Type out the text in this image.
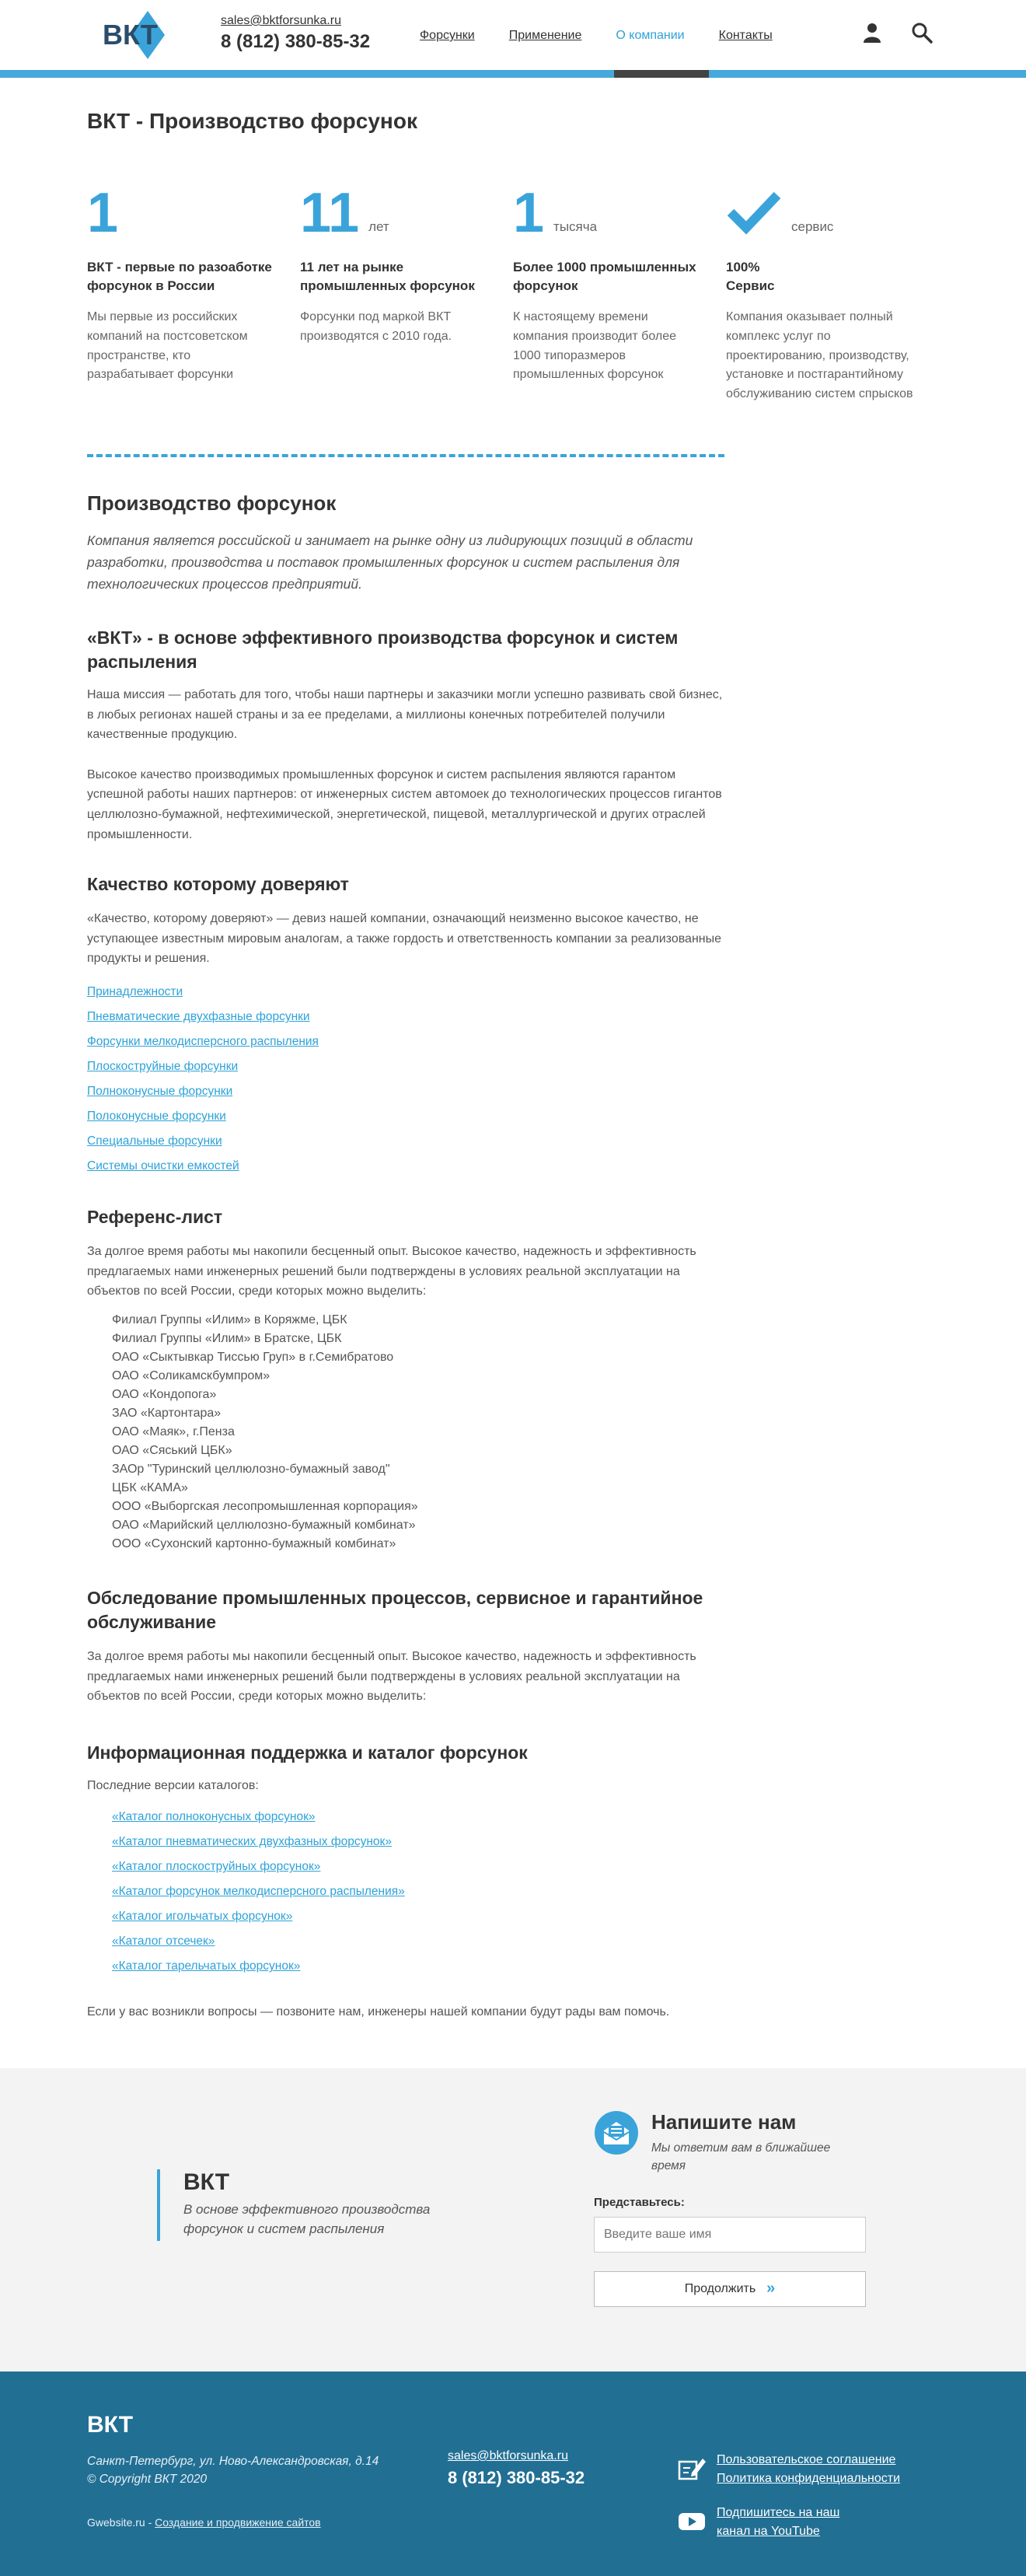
ВКТ	sales@bktforsunka.ru
8 (812) 380-85-32	Форсунки	Применение	О компании	Контакты
ВКТ - Производство форсунок
1
ВКТ - первые по разоаботке форсунок в России
Мы первые из российских компаний на постсоветском пространстве, кто разрабатывает форсунки
11 лет
11 лет на рынке промышленных форсунок
Форсунки под маркой ВКТ производятся с 2010 года.
1 тысяча
Более 1000 промышленных форсунок
К настоящему времени компания производит более 1000 типоразмеров промышленных форсунок
сервис
100%
Сервис
Компания оказывает полный комплекс услуг по проектированию, производству, установке и постгарантийному обслуживанию систем спрысков
Производство форсунок

Компания является российской и занимает на рынке одну из лидирующих позиций в области разработки, производства и поставок промышленных форсунок и систем распыления для технологических процессов предприятий.

«ВКТ» - в основе эффективного производства форсунок и систем распыления

Наша миссия — работать для того, чтобы наши партнеры и заказчики могли успешно развивать свой бизнес, в любых регионах нашей страны и за ее пределами, а миллионы конечных потребителей получили качественные продукцию.

Высокое качество производимых промышленных форсунок и систем распыления являются гарантом успешной работы наших партнеров: от инженерных систем автомоек до технологических процессов гигантов целлюлозно-бумажной, нефтехимической, энергетической, пищевой, металлургической и других отраслей промышленности.

Качество которому доверяют

«Качество, которому доверяют» — девиз нашей компании, означающий неизменно высокое качество, не уступающее известным мировым аналогам, а также гордость и ответственность компании за реализованные продукты и решения.

Принадлежности
Пневматические двухфазные форсунки
Форсунки мелкодисперсного распыления
Плоскоструйные форсунки
Полноконусные форсунки
Полоконусные форсунки
Специальные форсунки
Системы очистки емкостей
Референс-лист

За долгое время работы мы накопили бесценный опыт. Высокое качество, надежность и эффективность предлагаемых нами инженерных решений были подтверждены в условиях реальной эксплуатации на объектов по всей России, среди которых можно выделить:

Филиал Группы «Илим» в Коряжме, ЦБК
Филиал Группы «Илим» в Братске, ЦБК
ОАО «Сыктывкар Тиссью Груп» в г.Семибратово
ОАО «Соликамскбумпром»
ОАО «Кондопога»
ЗАО «Картонтара»
ОАО «Маяк», г.Пенза
ОАО «Сяський ЦБК»
ЗАОр "Туринский целлюлозно-бумажный завод"
ЦБК «КАМА»
ООО «Выборгская лесопромышленная корпорация»
ОАО «Марийский целлюлозно-бумажный комбинат»
ООО «Сухонский картонно-бумажный комбинат»
Обследование промышленных процессов, сервисное и гарантийное обслуживание

За долгое время работы мы накопили бесценный опыт. Высокое качество, надежность и эффективность предлагаемых нами инженерных решений были подтверждены в условиях реальной эксплуатации на объектов по всей России, среди которых можно выделить:

Информационная поддержка и каталог форсунок

Последние версии каталогов:

«Каталог полноконусных форсунок»
«Каталог пневматических двухфазных форсунок»
«Каталог плоскоструйных форсунок»
«Каталог форсунок мелкодисперсного распыления»
«Каталог игольчатых форсунок»
«Каталог отсечек»
«Каталог тарельчатых форсунок»

Если у вас возникли вопросы — позвоните нам, инженеры нашей компании будут рады вам помочь.

ВКТ
В основе эффективного производства форсунок и систем распыления
Напишите нам
Мы ответим вам в ближайшее время
Представьтесь:
Введите ваше имя
Продолжить »
ВКТ
Санкт-Петербург, ул. Ново-Александровская, д.14
© Copyright ВКТ 2020
Gwebsite.ru - Создание и продвижение сайтов
sales@bktforsunka.ru
8 (812) 380-85-32
Пользовательское соглашение
Политика конфиденциальности
Подпишитесь на наш
канал на YouTube
